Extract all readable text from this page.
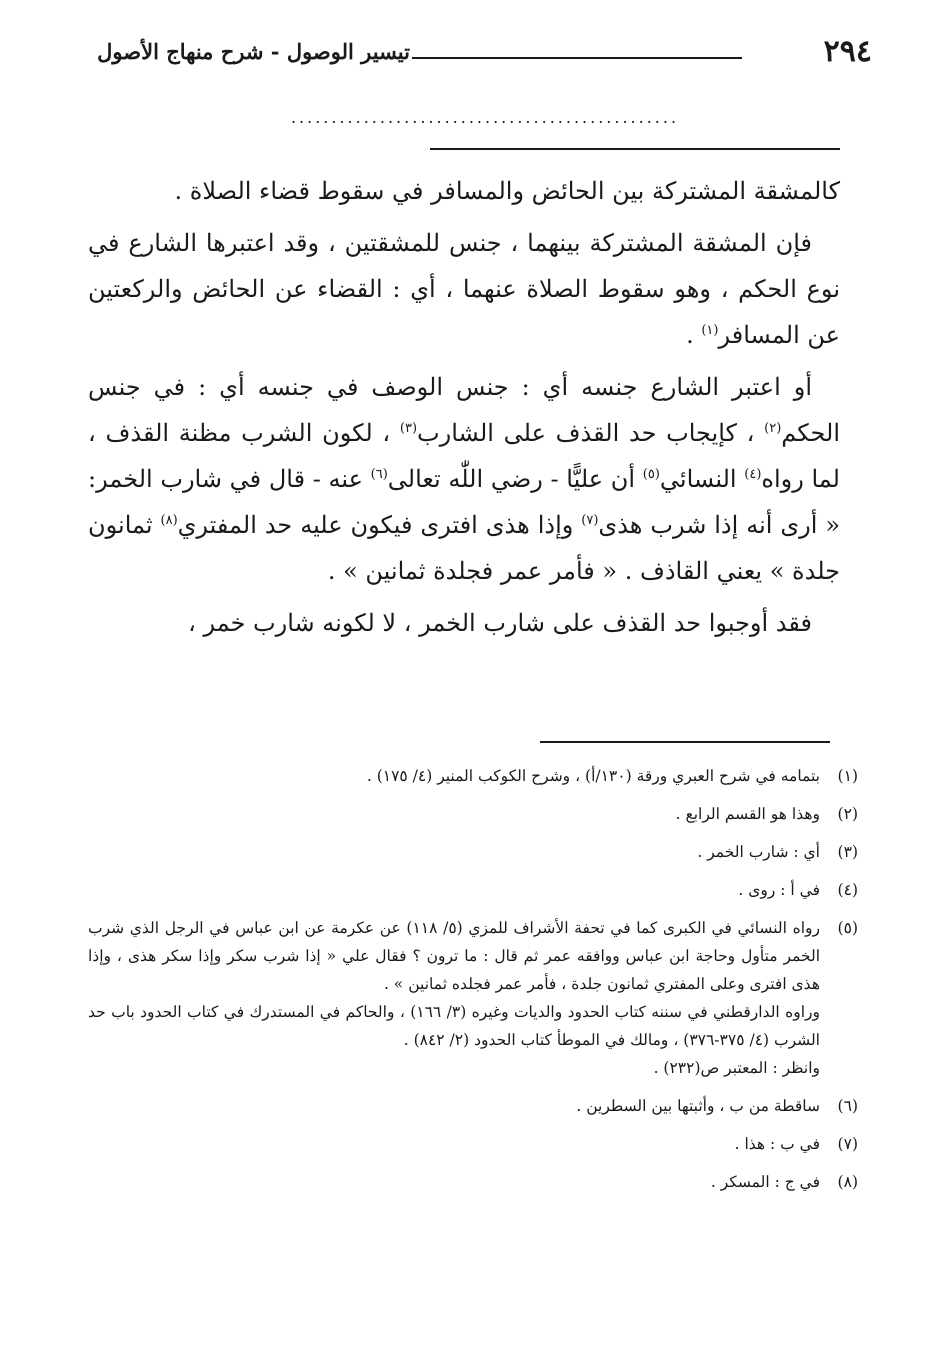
٢٩٤
تيسير الوصول - شرح منهاج الأصول
................................................

كالمشقة المشتركة بين الحائض والمسافر في سقوط قضاء الصلاة .

فإن المشقة المشتركة بينهما ، جنس للمشقتين ، وقد اعتبرها الشارع في نوع الحكم ، وهو سقوط الصلاة عنهما ، أي : القضاء عن الحائض والركعتين عن المسافر$^{(١)}$ .

أو اعتبر الشارع جنسه أي : جنس الوصف في جنسه أي : في جنس الحكم$^{(٢)}$ ، كإيجاب حد القذف على الشارب$^{(٣)}$ ، لكون الشرب مظنة القذف ، لما رواه$^{(٤)}$ النسائي$^{(٥)}$ أن عليًّا - رضي اللّٰه تعالى$^{(٦)}$ عنه - قال في شارب الخمر: « أرى أنه إذا شرب هذى$^{(٧)}$ وإذا هذى افترى فيكون عليه حد المفتري$^{(٨)}$ ثمانون جلدة » يعني القاذف . « فأمر عمر فجلدة ثمانين » .

فقد أوجبوا حد القذف على شارب الخمر ، لا لكونه شارب خمر ،

(١)

بتمامه في شرح العبري ورقة (١٣٠/أ) ، وشرح الكوكب المنير (٤/ ١٧٥) .

(٢)

وهذا هو القسم الرابع .

(٣)

أي : شارب الخمر .

(٤)

في أ : روى .

(٥)

رواه النسائي في الكبرى كما في تحفة الأشراف للمزي (٥/ ١١٨) عن عكرمة عن ابن عباس في الرجل الذي شرب الخمر متأول وحاجة ابن عباس ووافقه عمر ثم قال : ما ترون ؟ فقال علي « إذا شرب سكر وإذا سكر هذى ، وإذا هذى افترى وعلى المفتري ثمانون جلدة ، فأمر عمر فجلده ثمانين » .

وراوه الدارقطني في سننه كتاب الحدود والديات وغيره (٣/ ١٦٦) ، والحاكم في المستدرك في كتاب الحدود باب حد الشرب (٤/ ٣٧٥-٣٧٦) ، ومالك في الموطأ كتاب الحدود (٢/ ٨٤٢) .

وانظر : المعتبر ص(٢٣٢) .

(٦)

ساقطة من ب ، وأثبتها بين السطرين .

(٧)

في ب : هذا .

(٨)

في ج : المسكر .
